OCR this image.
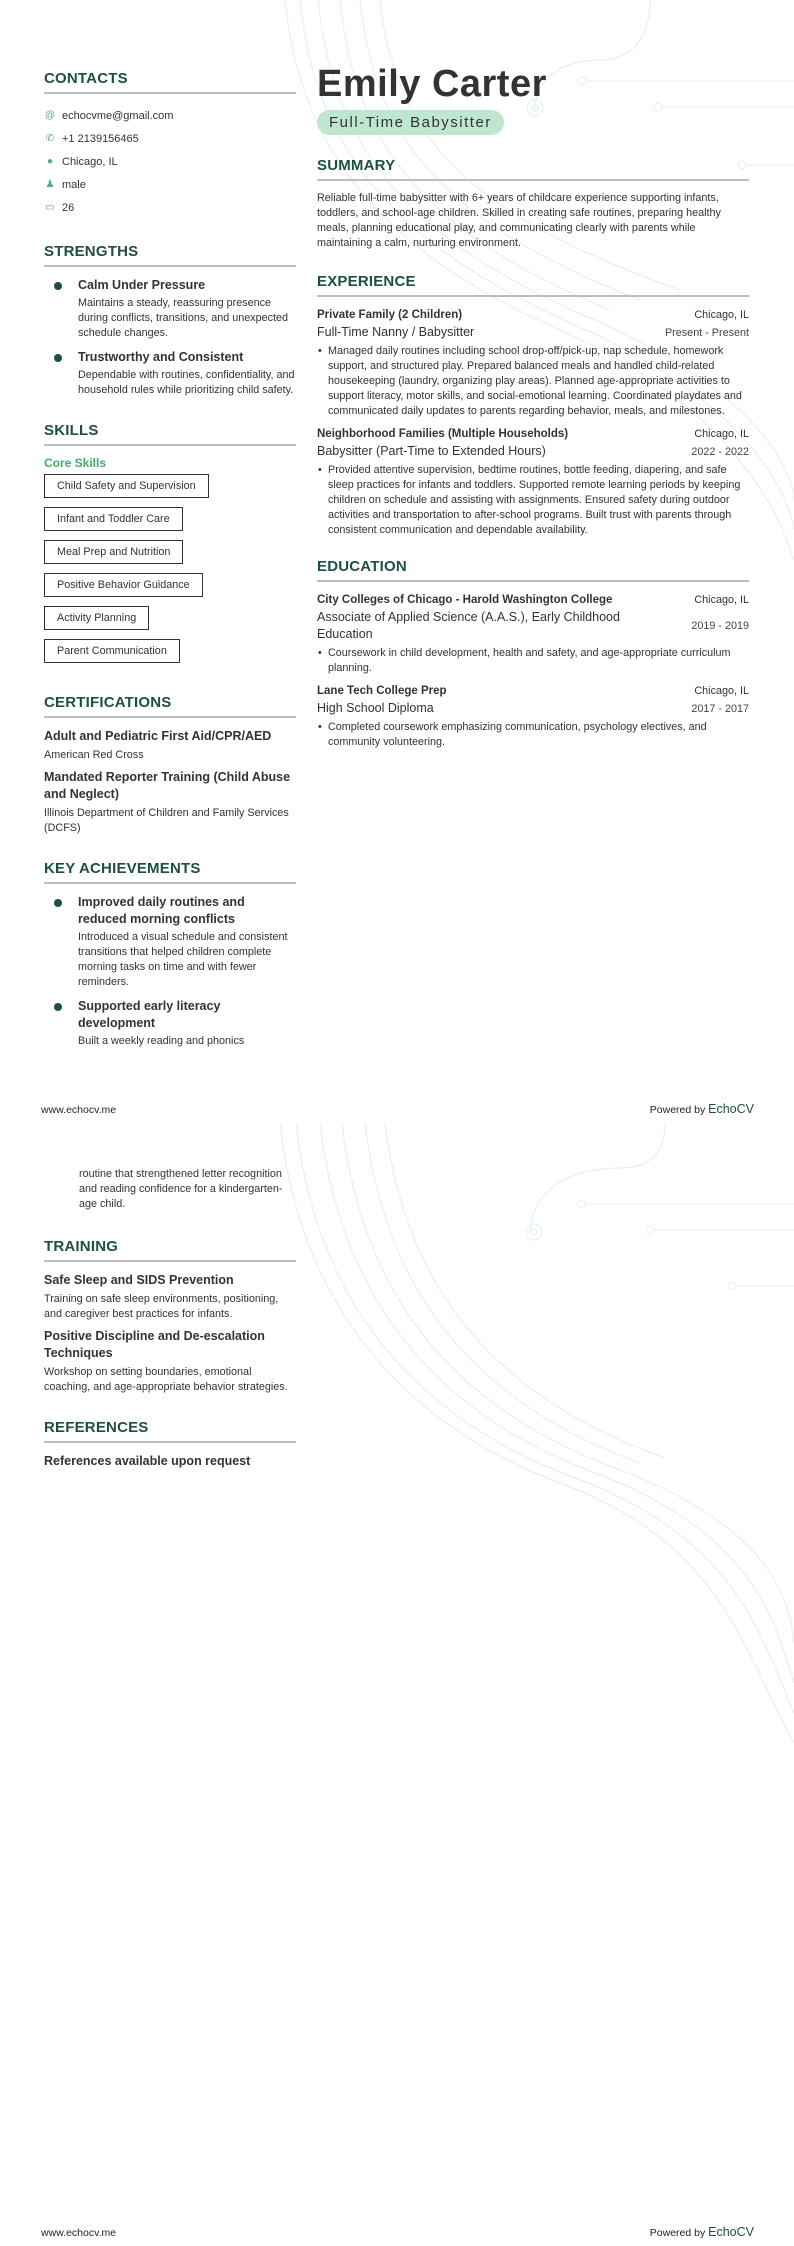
CONTACTS
@ echocvme@gmail.com
✆ +1 2139156465
● Chicago, IL
♟ male
▭ 26
STRENGTHS
Calm Under Pressure
Maintains a steady, reassuring presence during conflicts, transitions, and unexpected schedule changes.
Trustworthy and Consistent
Dependable with routines, confidentiality, and household rules while prioritizing child safety.
SKILLS
Core Skills
Child Safety and Supervision
Infant and Toddler Care
Meal Prep and Nutrition
Positive Behavior Guidance
Activity Planning
Parent Communication
CERTIFICATIONS
Adult and Pediatric First Aid/CPR/AED
American Red Cross
Mandated Reporter Training (Child Abuse and Neglect)
Illinois Department of Children and Family Services (DCFS)
KEY ACHIEVEMENTS
Improved daily routines and reduced morning conflicts
Introduced a visual schedule and consistent transitions that helped children complete morning tasks on time and with fewer reminders.
Supported early literacy development
Built a weekly reading and phonics
Emily Carter
Full-Time Babysitter
SUMMARY

Reliable full-time babysitter with 6+ years of childcare experience supporting infants, toddlers, and school-age children. Skilled in creating safe routines, preparing healthy meals, planning educational play, and communicating clearly with parents while maintaining a calm, nurturing environment.

EXPERIENCE
Private Family (2 Children)	Chicago, IL
Full-Time Nanny / Babysitter	Present - Present
• Managed daily routines including school drop-off/pick-up, nap schedule, homework support, and structured play. Prepared balanced meals and handled child-related housekeeping (laundry, organizing play areas). Planned age-appropriate activities to support literacy, motor skills, and social-emotional learning. Coordinated playdates and communicated daily updates to parents regarding behavior, meals, and milestones.
Neighborhood Families (Multiple Households)	Chicago, IL
Babysitter (Part-Time to Extended Hours)	2022 - 2022
• Provided attentive supervision, bedtime routines, bottle feeding, diapering, and safe sleep practices for infants and toddlers. Supported remote learning periods by keeping children on schedule and assisting with assignments. Ensured safety during outdoor activities and transportation to after-school programs. Built trust with parents through consistent communication and dependable availability.
EDUCATION
City Colleges of Chicago - Harold Washington College	Chicago, IL
Associate of Applied Science (A.A.S.), Early Childhood Education
2019 - 2019
• Coursework in child development, health and safety, and age-appropriate curriculum planning.
Lane Tech College Prep	Chicago, IL
High School Diploma	2017 - 2017
• Completed coursework emphasizing communication, psychology electives, and community volunteering.
www.echocv.me	Powered by EchoCV
routine that strengthened letter recognition and reading confidence for a kindergarten-age child.
TRAINING
Safe Sleep and SIDS Prevention
Training on safe sleep environments, positioning, and caregiver best practices for infants.
Positive Discipline and De-escalation Techniques
Workshop on setting boundaries, emotional coaching, and age-appropriate behavior strategies.
REFERENCES
References available upon request
www.echocv.me	Powered by EchoCV
